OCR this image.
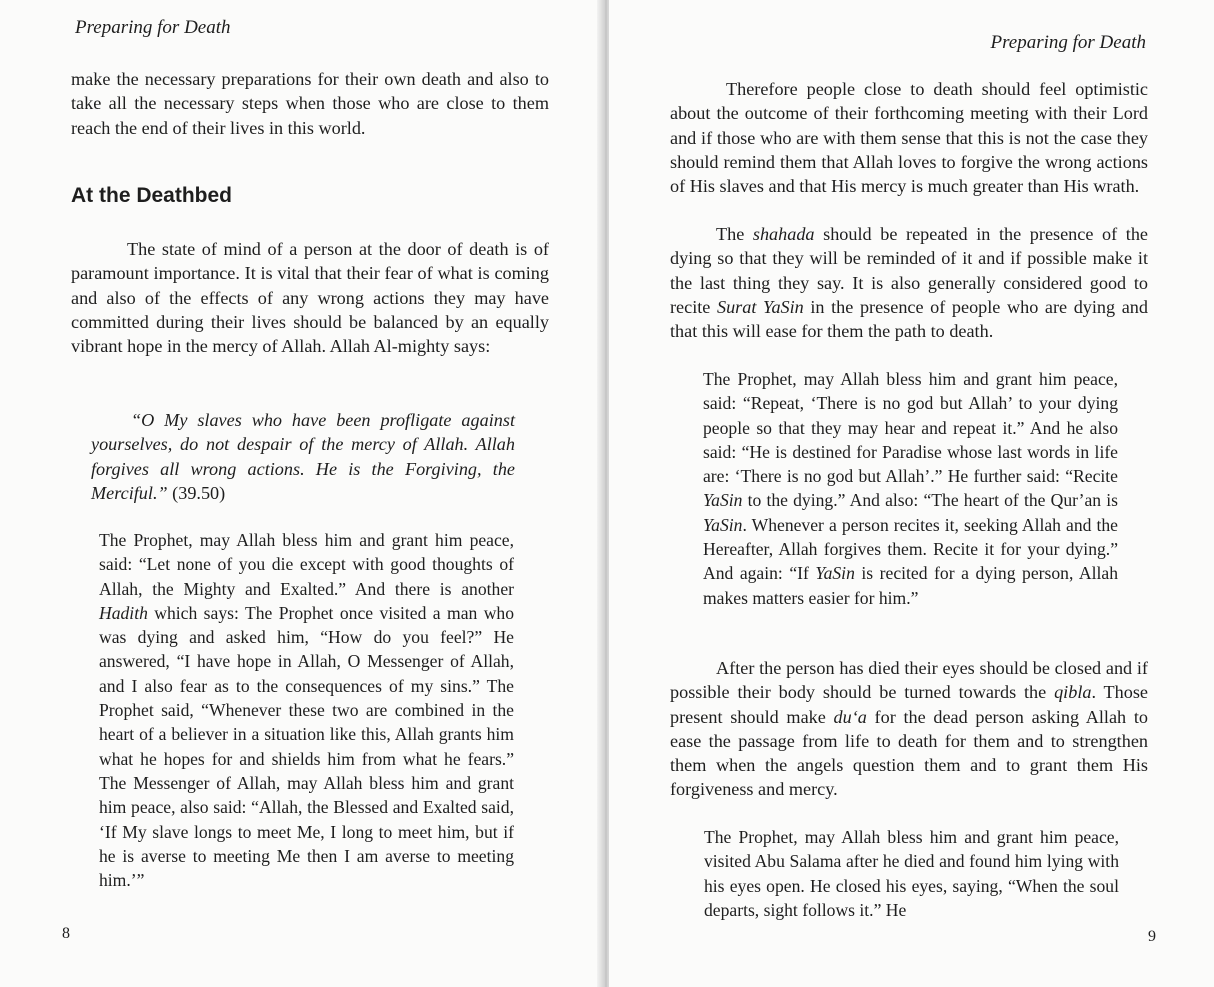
Preparing for Death

make the necessary preparations for their own death and also to take all the necessary steps when those who are close to them reach the end of their lives in this world.

At the Deathbed

The state of mind of a person at the door of death is of paramount importance. It is vital that their fear of what is coming and also of the effects of any wrong actions they may have committed during their lives should be balanced by an equally vibrant hope in the mercy of Allah. Allah Al-mighty says:

“O My slaves who have been profligate against yourselves, do not despair of the mercy of Allah. Allah forgives all wrong actions. He is the Forgiving, the Merciful.” (39.50)
The Prophet, may Allah bless him and grant him peace, said: “Let none of you die except with good thoughts of Allah, the Mighty and Exalted.” And there is another Hadith which says: The Prophet once visited a man who was dying and asked him, “How do you feel?” He answered, “I have hope in Allah, O Messenger of Allah, and I also fear as to the consequences of my sins.” The Prophet said, “Whenever these two are combined in the heart of a believer in a situation like this, Allah grants him what he hopes for and shields him from what he fears.” The Messenger of Allah, may Allah bless him and grant him peace, also said: “Allah, the Blessed and Exalted said, ‘If My slave longs to meet Me, I long to meet him, but if he is averse to meeting Me then I am averse to meeting him.’”
8
Preparing for Death

Therefore people close to death should feel optimistic about the outcome of their forthcoming meeting with their Lord and if those who are with them sense that this is not the case they should remind them that Allah loves to forgive the wrong actions of His slaves and that His mercy is much greater than His wrath.

The shahada should be repeated in the presence of the dying so that they will be reminded of it and if possible make it the last thing they say. It is also generally considered good to recite Surat YaSin in the presence of people who are dying and that this will ease for them the path to death.

The Prophet, may Allah bless him and grant him peace, said: “Repeat, ‘There is no god but Allah’ to your dying people so that they may hear and repeat it.” And he also said: “He is destined for Paradise whose last words in life are: ‘There is no god but Allah’.” He further said: “Recite YaSin to the dying.” And also: “The heart of the Qur’an is YaSin. Whenever a person recites it, seeking Allah and the Hereafter, Allah forgives them. Recite it for your dying.” And again: “If YaSin is recited for a dying person, Allah makes matters easier for him.”

After the person has died their eyes should be closed and if possible their body should be turned towards the qibla. Those present should make du‘a for the dead person asking Allah to ease the passage from life to death for them and to strengthen them when the angels question them and to grant them His forgiveness and mercy.

The Prophet, may Allah bless him and grant him peace, visited Abu Salama after he died and found him lying with his eyes open. He closed his eyes, saying, “When the soul departs, sight follows it.” He
9
